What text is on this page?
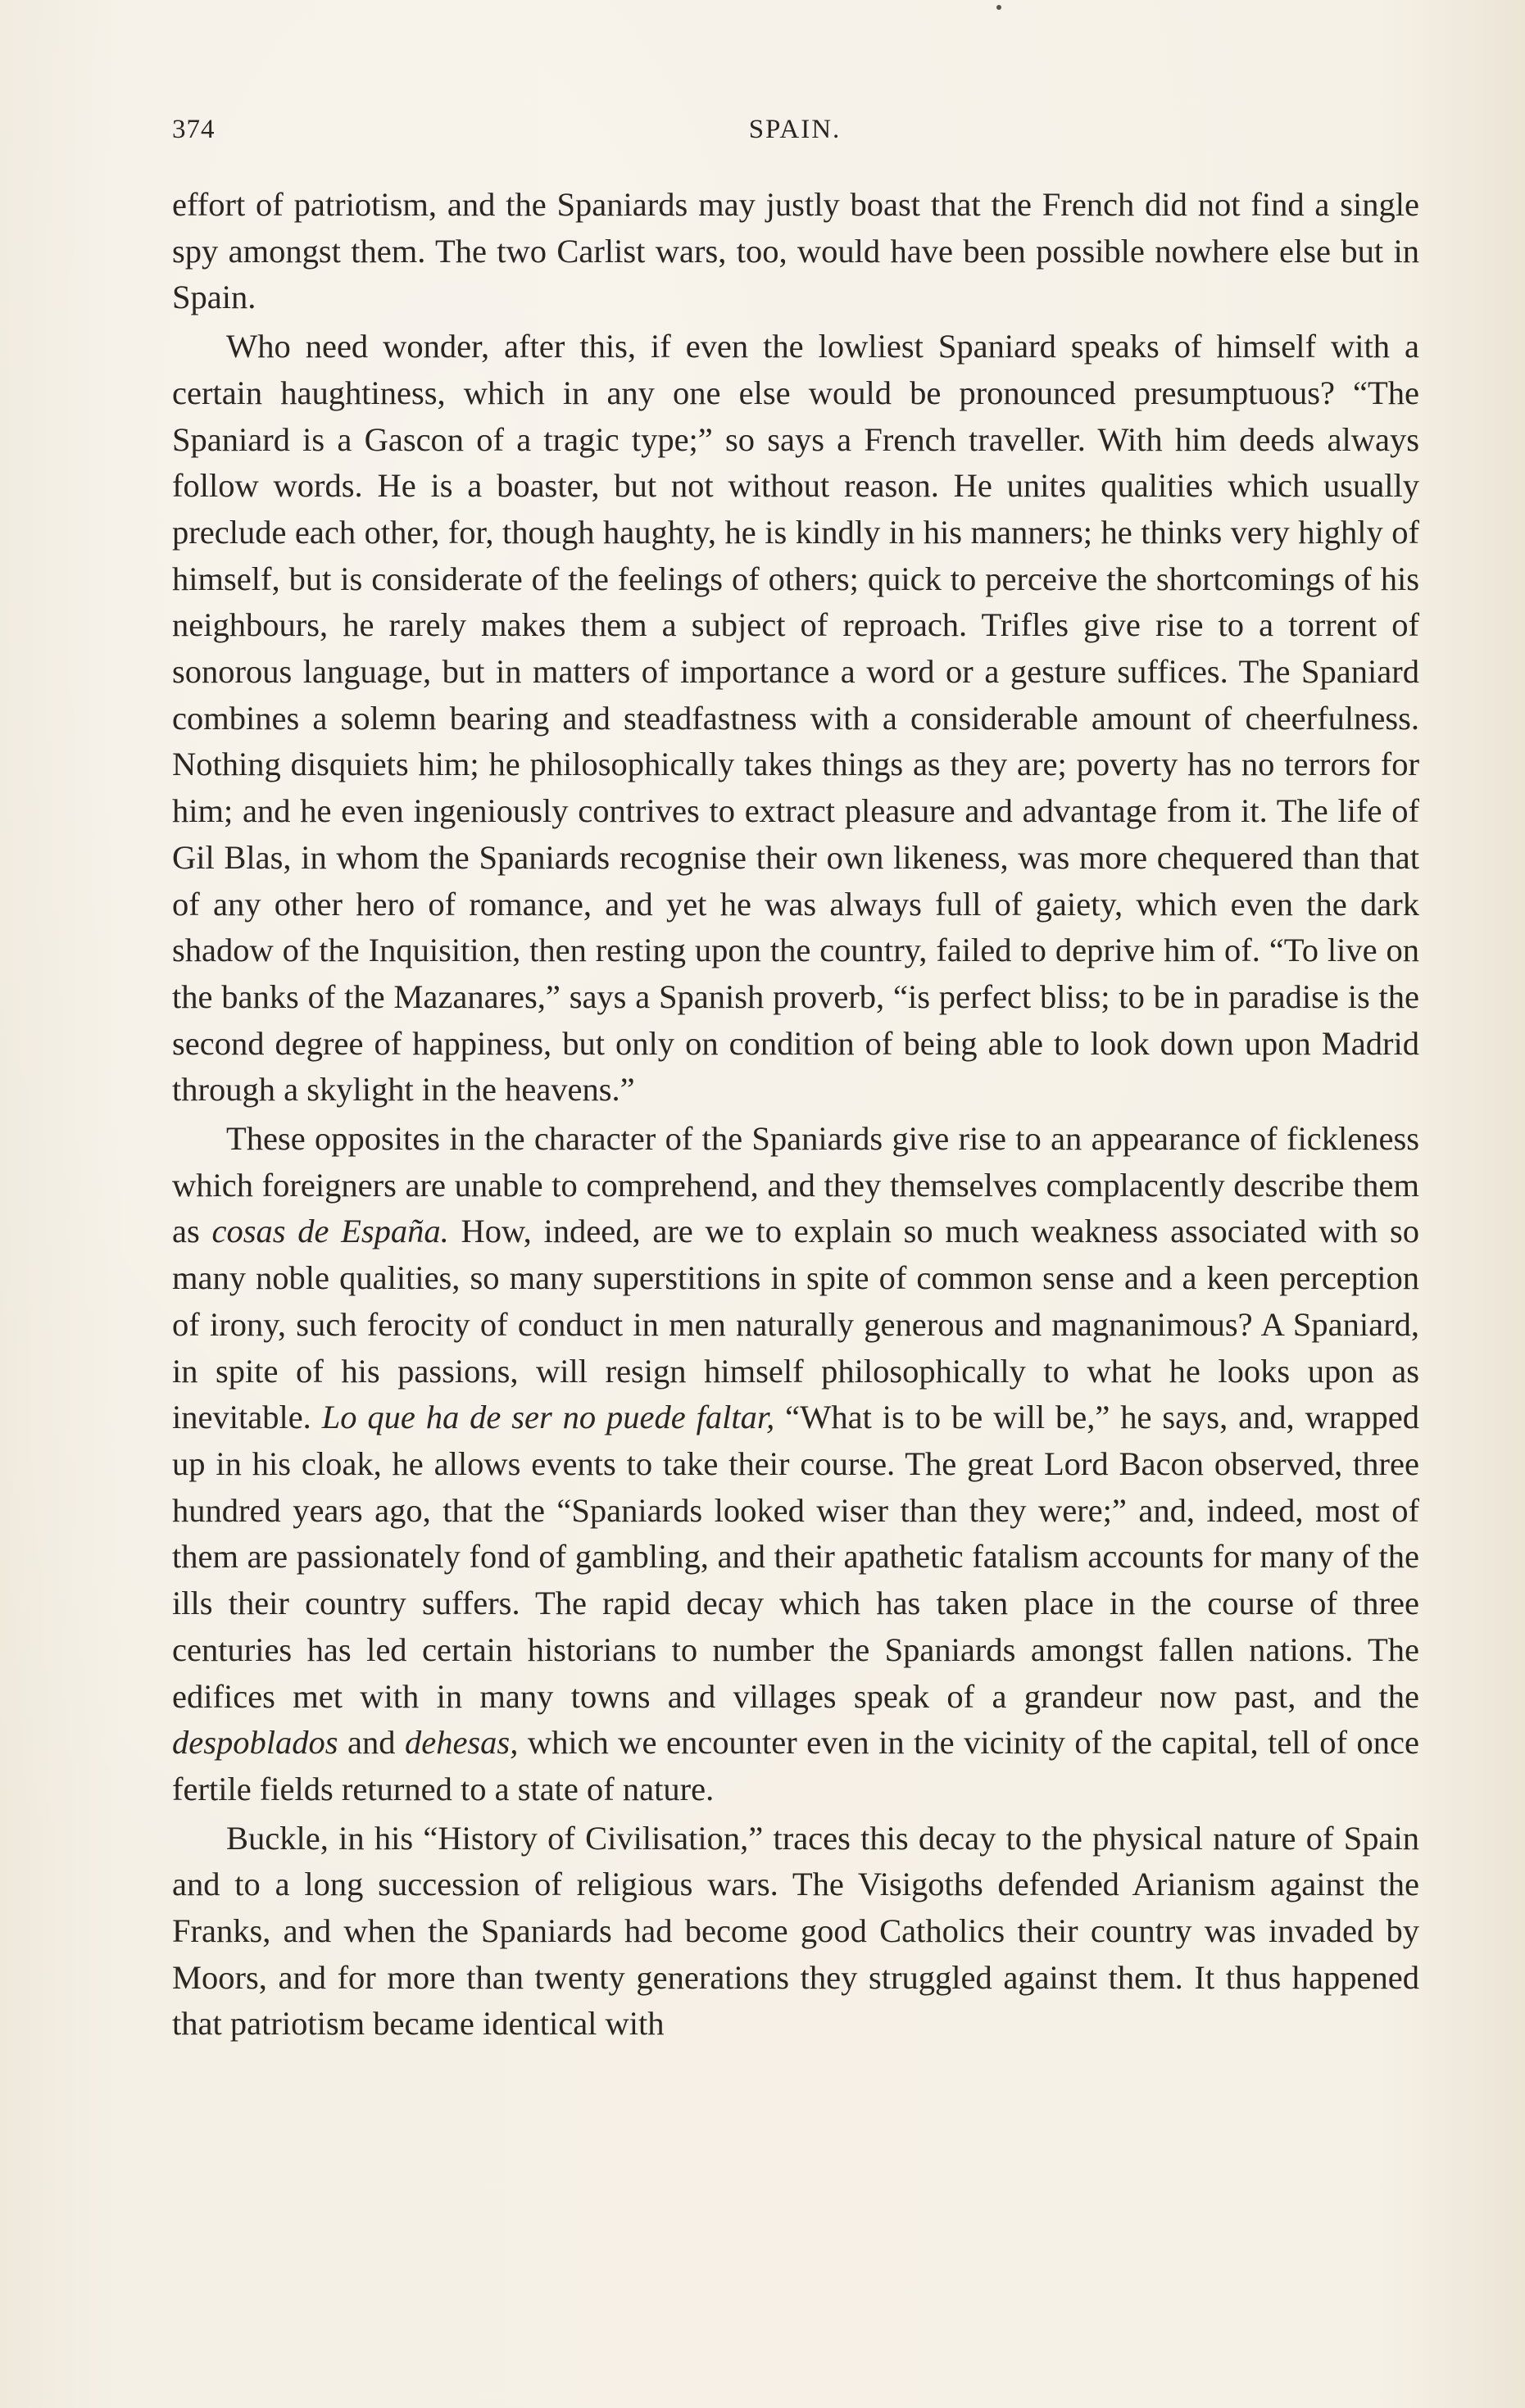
374	SPAIN.

effort of patriotism, and the Spaniards may justly boast that the French did not find a single spy amongst them. The two Carlist wars, too, would have been possible nowhere else but in Spain.

Who need wonder, after this, if even the lowliest Spaniard speaks of himself with a certain haughtiness, which in any one else would be pronounced presumptuous? “The Spaniard is a Gascon of a tragic type;” so says a French traveller. With him deeds always follow words. He is a boaster, but not without reason. He unites qualities which usually preclude each other, for, though haughty, he is kindly in his manners; he thinks very highly of himself, but is considerate of the feelings of others; quick to perceive the shortcomings of his neighbours, he rarely makes them a subject of reproach. Trifles give rise to a torrent of sonorous language, but in matters of importance a word or a gesture suffices. The Spaniard combines a solemn bearing and steadfastness with a considerable amount of cheerfulness. Nothing disquiets him; he philosophically takes things as they are; poverty has no terrors for him; and he even ingeniously contrives to extract pleasure and advantage from it. The life of Gil Blas, in whom the Spaniards recognise their own likeness, was more chequered than that of any other hero of romance, and yet he was always full of gaiety, which even the dark shadow of the Inquisition, then resting upon the country, failed to deprive him of. “To live on the banks of the Mazanares,” says a Spanish proverb, “is perfect bliss; to be in paradise is the second degree of happiness, but only on condition of being able to look down upon Madrid through a skylight in the heavens.”

These opposites in the character of the Spaniards give rise to an appearance of fickleness which foreigners are unable to comprehend, and they themselves complacently describe them as cosas de España. How, indeed, are we to explain so much weakness associated with so many noble qualities, so many superstitions in spite of common sense and a keen perception of irony, such ferocity of conduct in men naturally generous and magnanimous? A Spaniard, in spite of his passions, will resign himself philosophically to what he looks upon as inevitable. Lo que ha de ser no puede faltar, “What is to be will be,” he says, and, wrapped up in his cloak, he allows events to take their course. The great Lord Bacon observed, three hundred years ago, that the “Spaniards looked wiser than they were;” and, indeed, most of them are passionately fond of gambling, and their apathetic fatalism accounts for many of the ills their country suffers. The rapid decay which has taken place in the course of three centuries has led certain historians to number the Spaniards amongst fallen nations. The edifices met with in many towns and villages speak of a grandeur now past, and the despoblados and dehesas, which we encounter even in the vicinity of the capital, tell of once fertile fields returned to a state of nature.

Buckle, in his “History of Civilisation,” traces this decay to the physical nature of Spain and to a long succession of religious wars. The Visigoths defended Arianism against the Franks, and when the Spaniards had become good Catholics their country was invaded by Moors, and for more than twenty generations they struggled against them. It thus happened that patriotism became identical with
